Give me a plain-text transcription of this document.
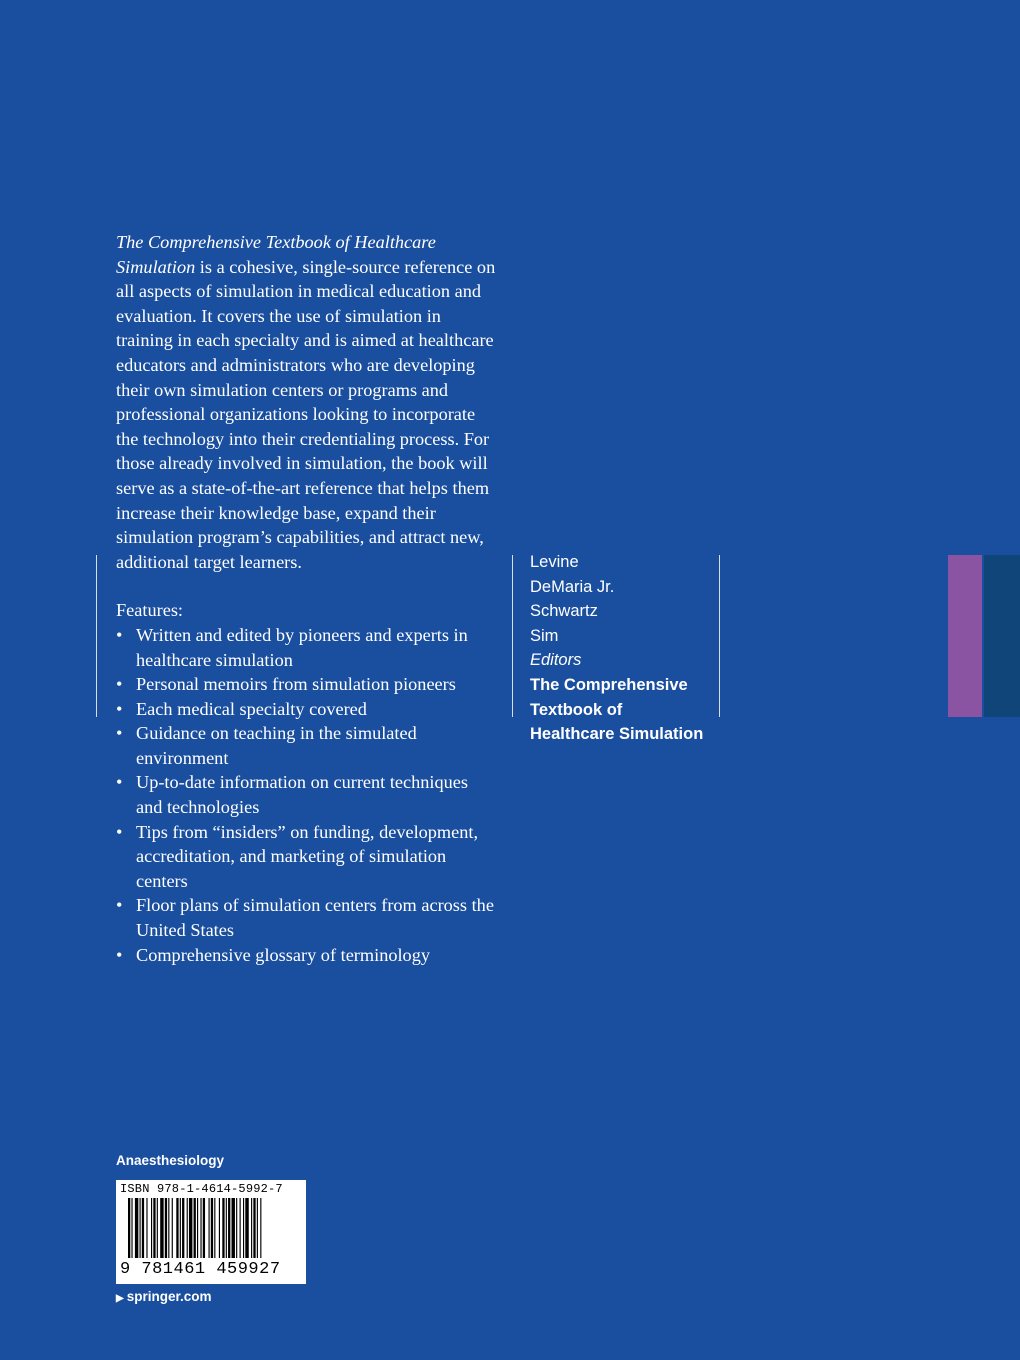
The Comprehensive Textbook of Healthcare Simulation is a cohesive, single-source reference on all aspects of simulation in medical education and evaluation. It covers the use of simulation in training in each specialty and is aimed at healthcare educators and administrators who are developing their own simulation centers or programs and professional organizations looking to incorporate the technology into their credentialing process. For those already involved in simulation, the book will serve as a state-of-the-art reference that helps them increase their knowledge base, expand their simulation program’s capabilities, and attract new, additional target learners.

Features:

• Written and edited by pioneers and experts in healthcare simulation
• Personal memoirs from simulation pioneers
• Each medical specialty covered
• Guidance on teaching in the simulated environment
• Up-to-date information on current techniques and technologies
• Tips from “insiders” on funding, development, accreditation, and marketing of simulation centers
• Floor plans of simulation centers from across the United States
• Comprehensive glossary of terminology
Levine
DeMaria Jr.
Schwartz
Sim
Editors
The Comprehensive
Textbook of
Healthcare Simulation
Anaesthesiology
ISBN 978-1-4614-5992-7
9 781461 459927
▶ springer.com
